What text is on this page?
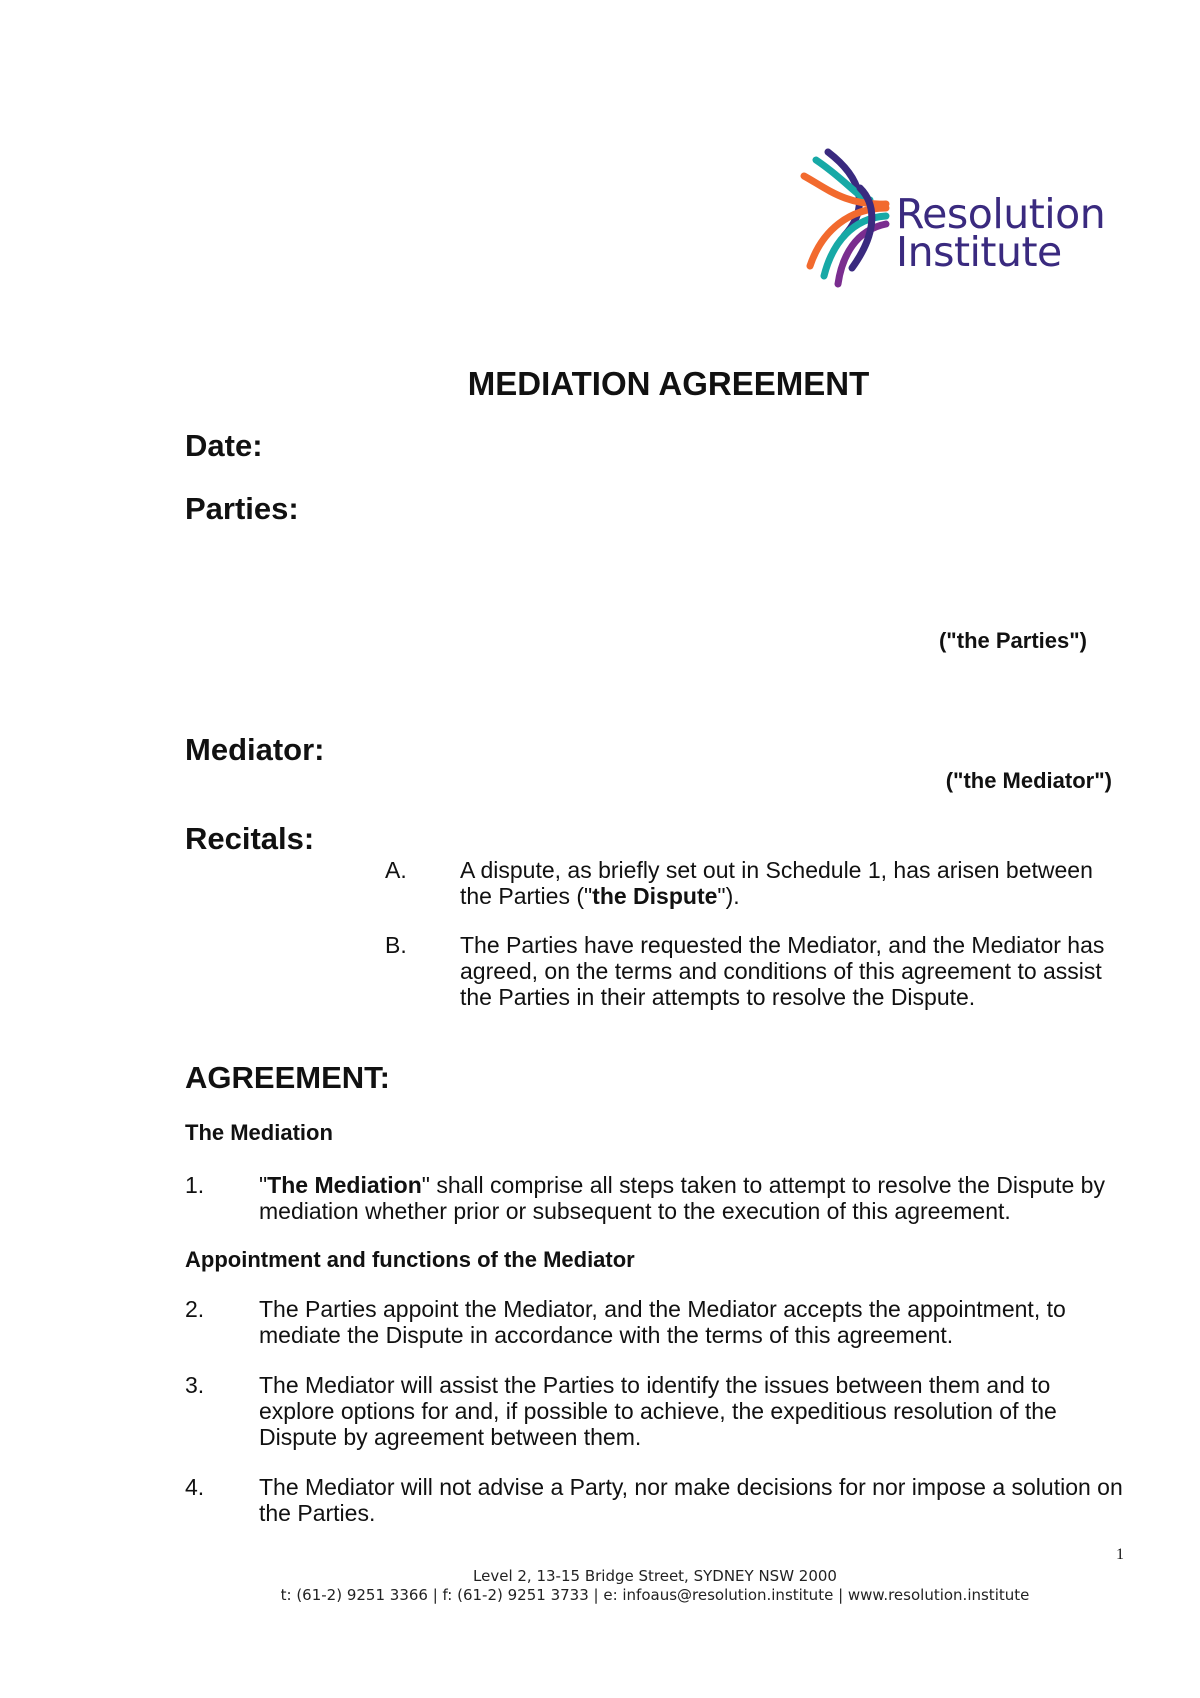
Resolution
Institute
MEDIATION AGREEMENT
Date:
Parties:
("the Parties")
Mediator:
("the Mediator")
Recitals:
A. A dispute, as briefly set out in Schedule 1, has arisen between the Parties ("the Dispute").
B. The Parties have requested the Mediator, and the Mediator has agreed, on the terms and conditions of this agreement to assist the Parties in their attempts to resolve the Dispute.
AGREEMENT:
The Mediation
1. "The Mediation" shall comprise all steps taken to attempt to resolve the Dispute by mediation whether prior or subsequent to the execution of this agreement.
Appointment and functions of the Mediator
2. The Parties appoint the Mediator, and the Mediator accepts the appointment, to mediate the Dispute in accordance with the terms of this agreement.
3. The Mediator will assist the Parties to identify the issues between them and to explore options for and, if possible to achieve, the expeditious resolution of the Dispute by agreement between them.
4. The Mediator will not advise a Party, nor make decisions for nor impose a solution on the Parties.
1
Level 2, 13-15 Bridge Street, SYDNEY NSW 2000
t: (61-2) 9251 3366 | f: (61-2) 9251 3733 | e: infoaus@resolution.institute | www.resolution.institute
